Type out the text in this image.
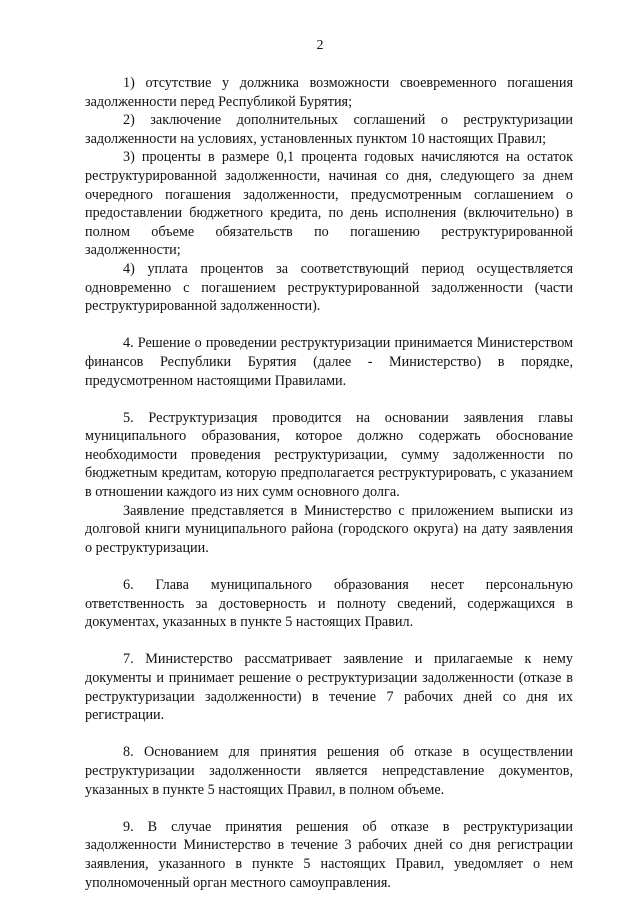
2

1) отсутствие у должника возможности своевременного погашения задолженности перед Республикой Бурятия;

2) заключение дополнительных соглашений о реструктуризации задолженности на условиях, установленных пунктом 10 настоящих Правил;

3) проценты в размере 0,1 процента годовых начисляются на остаток реструктурированной задолженности, начиная со дня, следующего за днем очередного погашения задолженности, предусмотренным соглашением о предоставлении бюджетного кредита, по день исполнения (включительно) в полном объеме обязательств по погашению реструктурированной задолженности;

4) уплата процентов за соответствующий период осуществляется одновременно с погашением реструктурированной задолженности (части реструктурированной задолженности).

4. Решение о проведении реструктуризации принимается Министерством финансов Республики Бурятия (далее - Министерство) в порядке, предусмотренном настоящими Правилами.

5. Реструктуризация проводится на основании заявления главы муниципального образования, которое должно содержать обоснование необходимости проведения реструктуризации, сумму задолженности по бюджетным кредитам, которую предполагается реструктурировать, с указанием в отношении каждого из них сумм основного долга.

Заявление представляется в Министерство с приложением выписки из долговой книги муниципального района (городского округа) на дату заявления о реструктуризации.

6. Глава муниципального образования несет персональную ответственность за достоверность и полноту сведений, содержащихся в документах, указанных в пункте 5 настоящих Правил.

7. Министерство рассматривает заявление и прилагаемые к нему документы и принимает решение о реструктуризации задолженности (отказе в реструктуризации задолженности) в течение 7 рабочих дней со дня их регистрации.

8. Основанием для принятия решения об отказе в осуществлении реструктуризации задолженности является непредставление документов, указанных в пункте 5 настоящих Правил, в полном объеме.

9. В случае принятия решения об отказе в реструктуризации задолженности Министерство в течение 3 рабочих дней со дня регистрации заявления, указанного в пункте 5 настоящих Правил, уведомляет о нем уполномоченный орган местного самоуправления.
